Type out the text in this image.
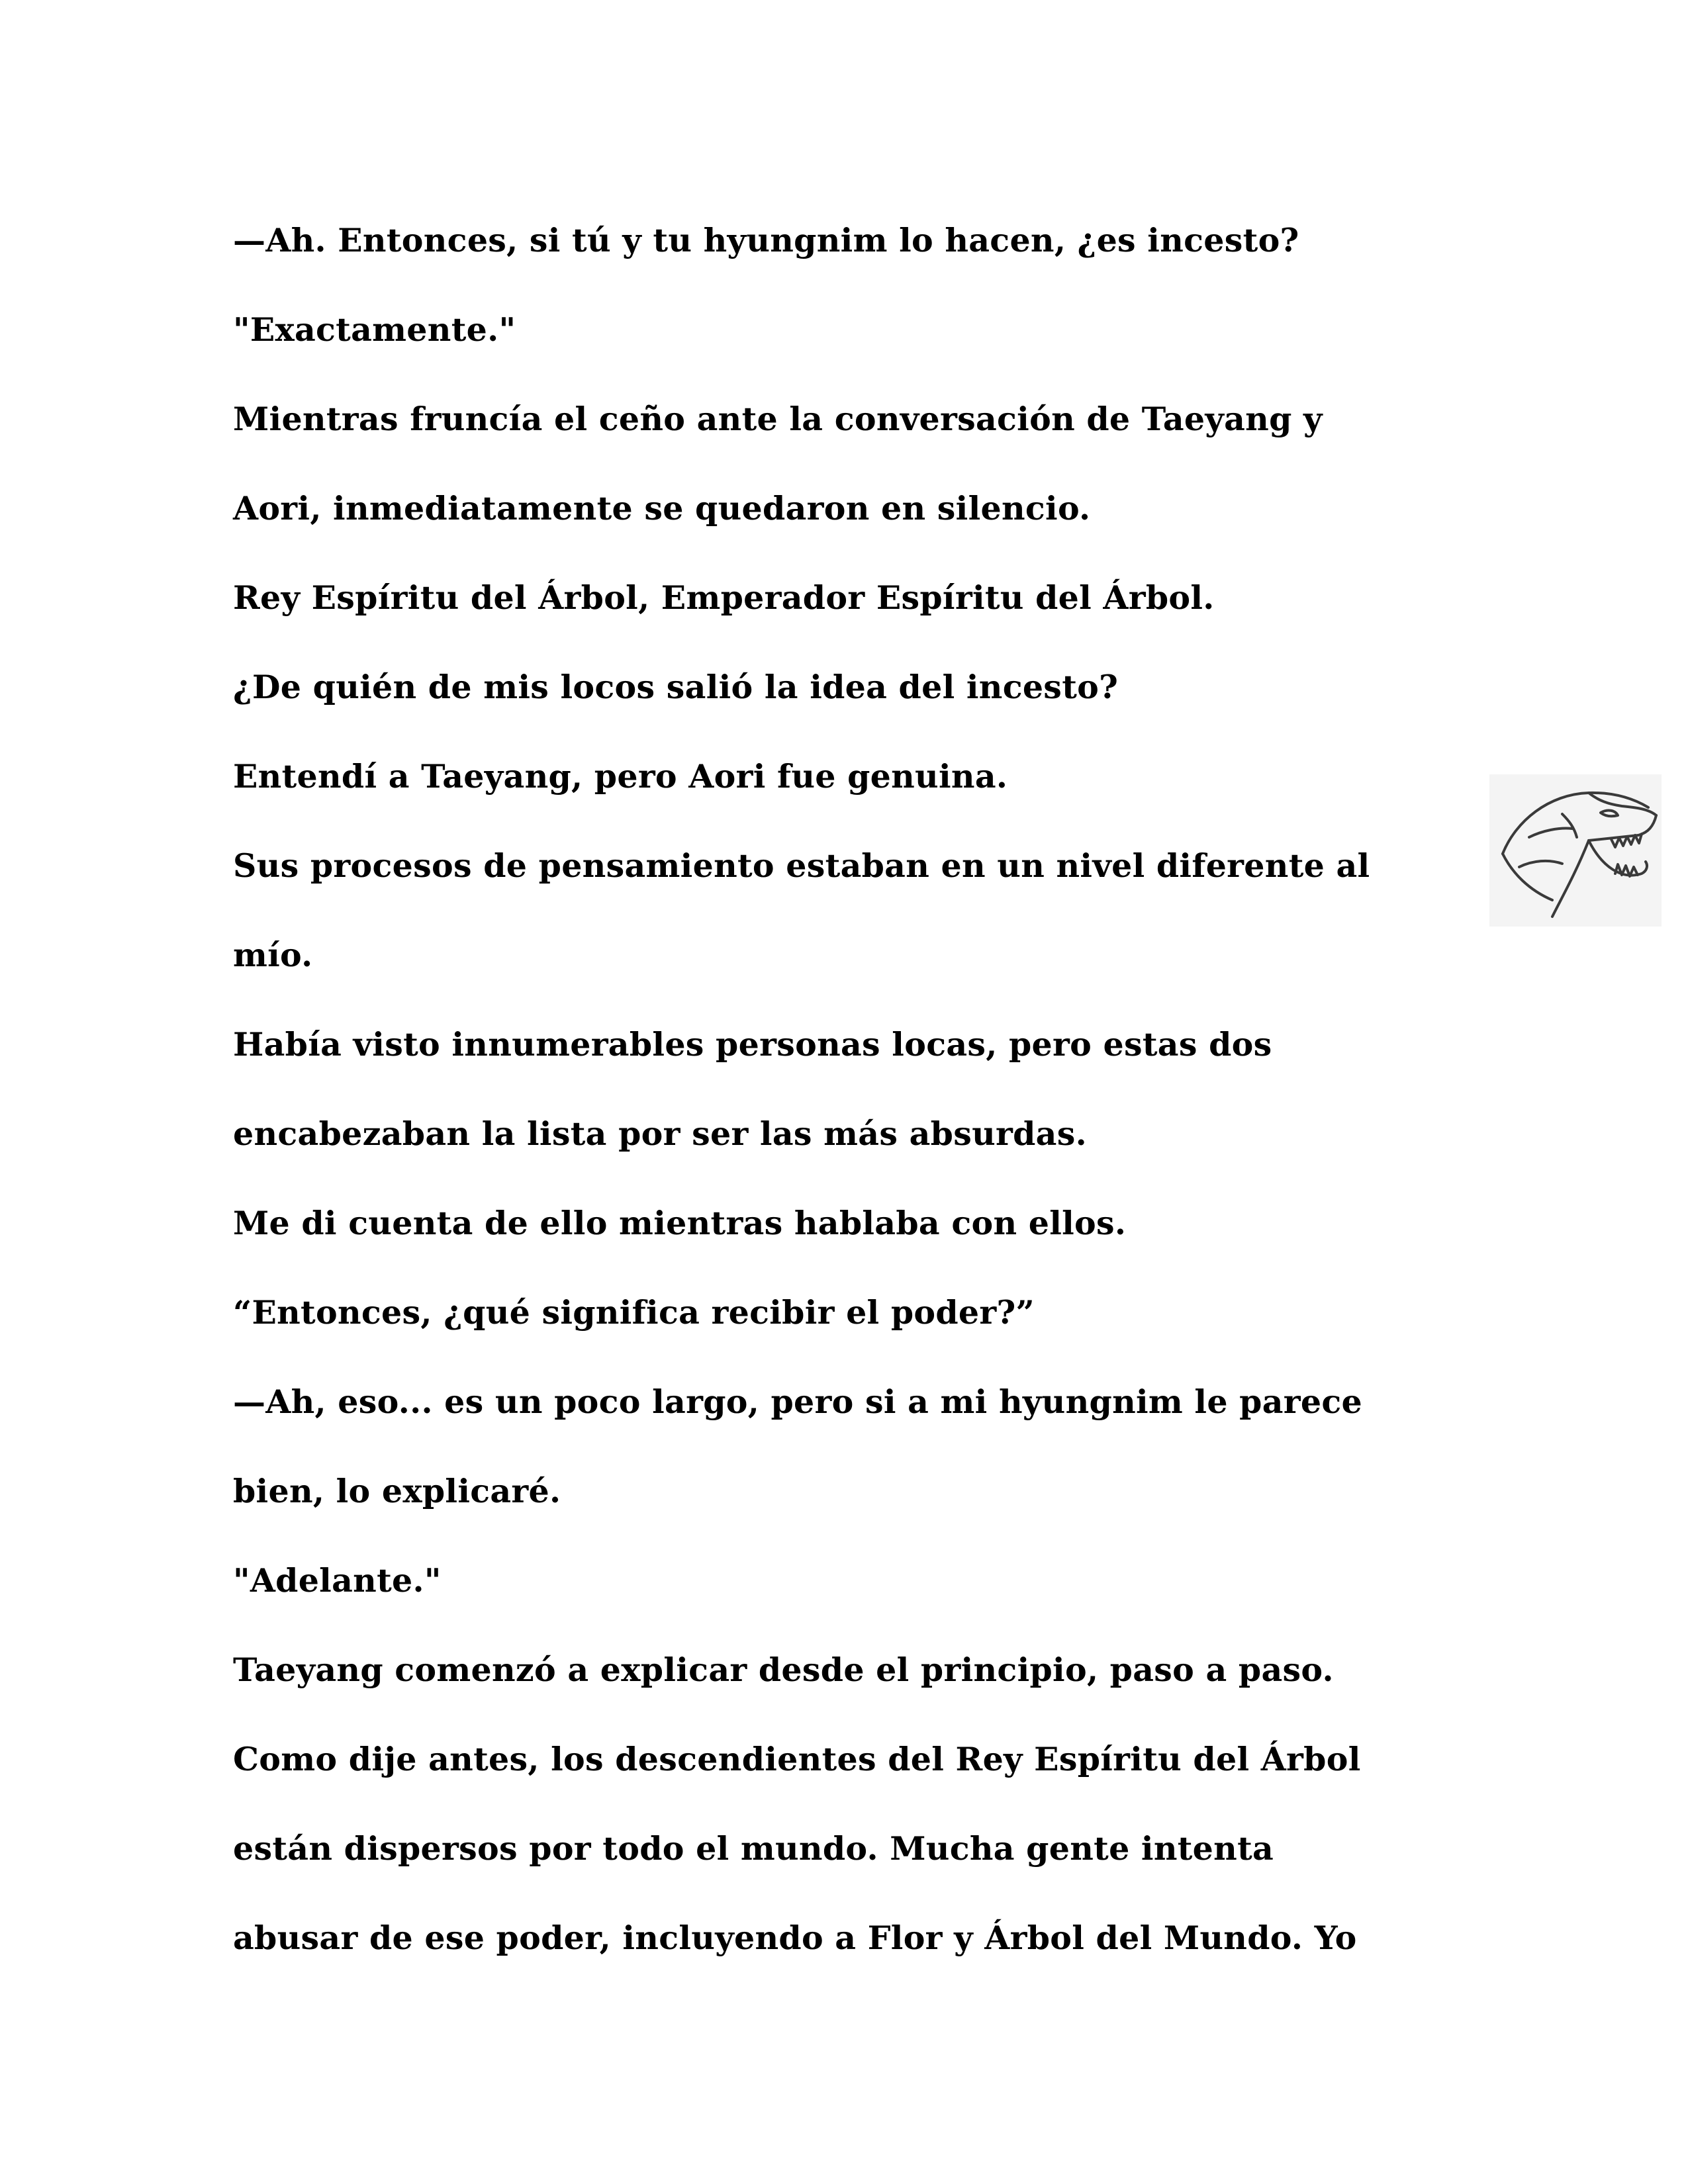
—Ah. Entonces, si tú y tu hyungnim lo hacen, ¿es incesto?
"Exactamente."
Mientras fruncía el ceño ante la conversación de Taeyang y
Aori, inmediatamente se quedaron en silencio.
Rey Espíritu del Árbol, Emperador Espíritu del Árbol.
¿De quién de mis locos salió la idea del incesto?
Entendí a Taeyang, pero Aori fue genuina.
Sus procesos de pensamiento estaban en un nivel diferente al
mío.
Había visto innumerables personas locas, pero estas dos
encabezaban la lista por ser las más absurdas.
Me di cuenta de ello mientras hablaba con ellos.
“Entonces, ¿qué significa recibir el poder?”
—Ah, eso... es un poco largo, pero si a mi hyungnim le parece
bien, lo explicaré.
"Adelante."
Taeyang comenzó a explicar desde el principio, paso a paso.
Como dije antes, los descendientes del Rey Espíritu del Árbol
están dispersos por todo el mundo. Mucha gente intenta
abusar de ese poder, incluyendo a Flor y Árbol del Mundo. Yo
